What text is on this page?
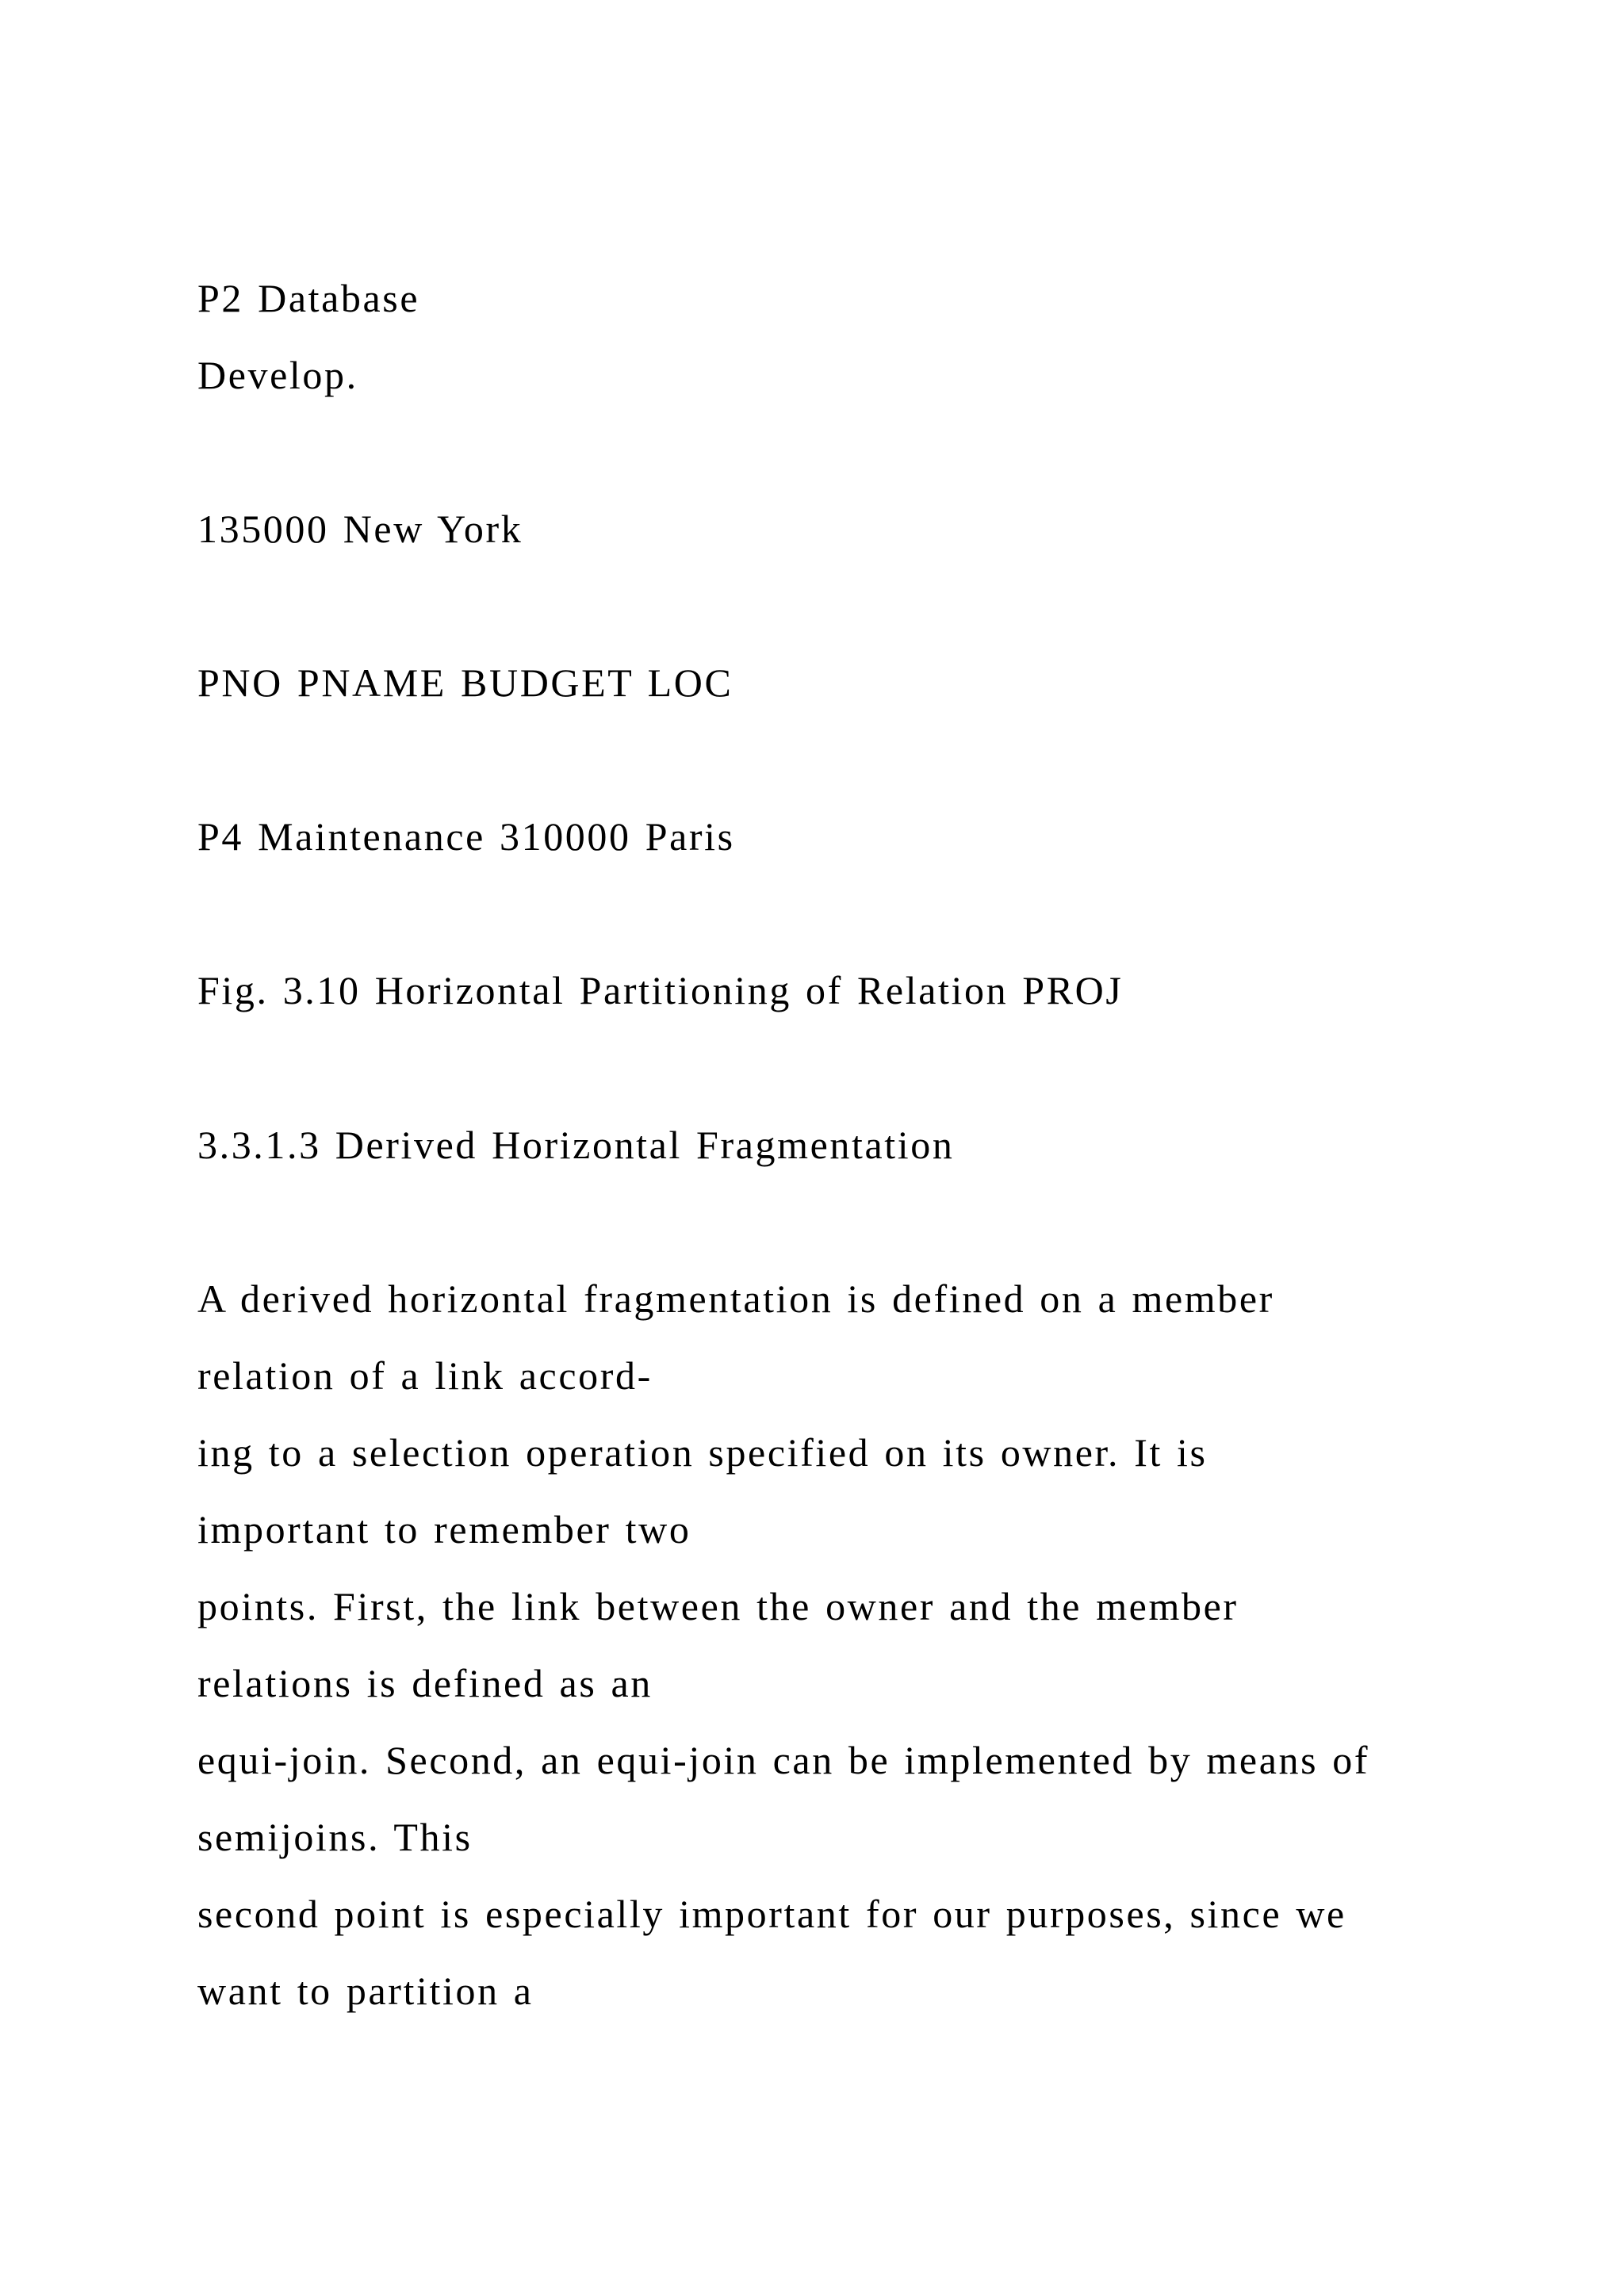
P2 Database
Develop.
135000 New York
PNO PNAME BUDGET LOC
P4 Maintenance 310000 Paris
Fig. 3.10 Horizontal Partitioning of Relation PROJ
3.3.1.3 Derived Horizontal Fragmentation
A derived horizontal fragmentation is defined on a member
relation of a link accord-
ing to a selection operation specified on its owner. It is
important to remember two
points. First, the link between the owner and the member
relations is defined as an
equi-join. Second, an equi-join can be implemented by means of
semijoins. This
second point is especially important for our purposes, since we
want to partition a
